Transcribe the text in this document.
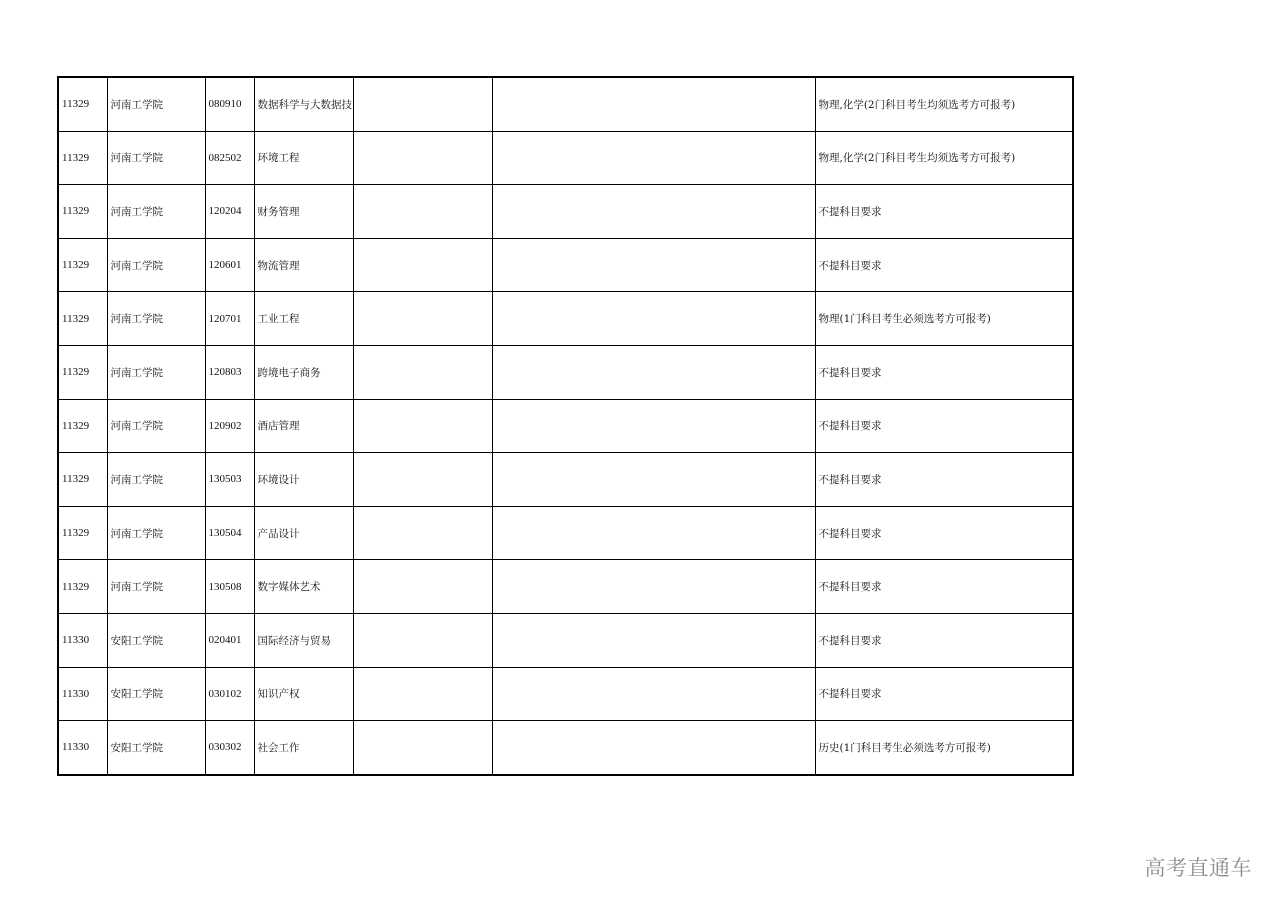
11329	河南工学院	080910	数据科学与大数据技			物理,化学(2门科目考生均须选考方可报考)
11329	河南工学院	082502	环境工程			物理,化学(2门科目考生均须选考方可报考)
11329	河南工学院	120204	财务管理			不提科目要求
11329	河南工学院	120601	物流管理			不提科目要求
11329	河南工学院	120701	工业工程			物理(1门科目考生必须选考方可报考)
11329	河南工学院	120803	跨境电子商务			不提科目要求
11329	河南工学院	120902	酒店管理			不提科目要求
11329	河南工学院	130503	环境设计			不提科目要求
11329	河南工学院	130504	产品设计			不提科目要求
11329	河南工学院	130508	数字媒体艺术			不提科目要求
11330	安阳工学院	020401	国际经济与贸易			不提科目要求
11330	安阳工学院	030102	知识产权			不提科目要求
11330	安阳工学院	030302	社会工作			历史(1门科目考生必须选考方可报考)
高考直通车
